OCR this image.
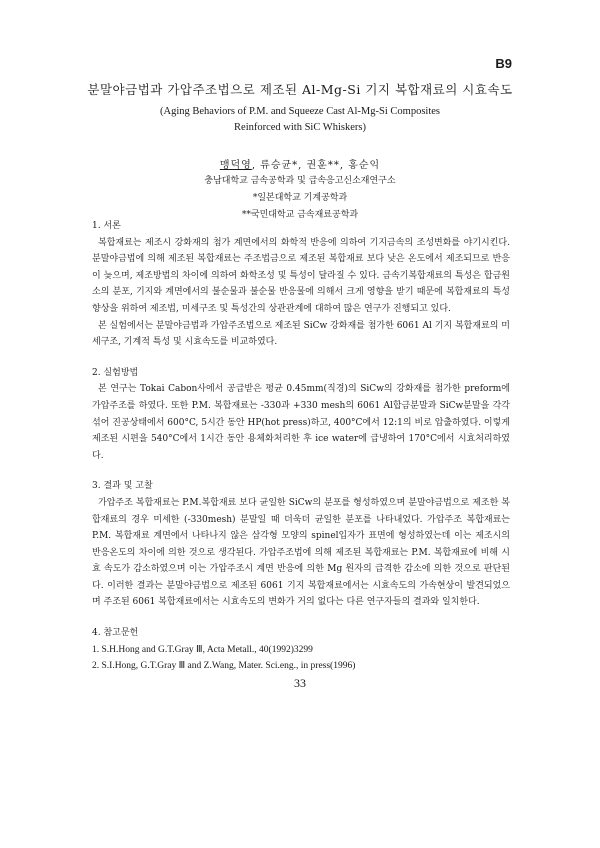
B9

분말야금법과 가압주조법으로 제조된 Al-Mg-Si 기지 복합재료의 시효속도

(Aging Behaviors of P.M. and Squeeze Cast Al-Mg-Si Composites
Reinforced with SiC Whiskers)

맹덕영, 류승균*, 권훈**, 홍순익
충남대학교 금속공학과 및 급속응고신소재연구소
*일본대학교 기계공학과
**국민대학교 금속재료공학과
1. 서론

복합재료는 제조시 강화재의 첨가 계면에서의 화학적 반응에 의하여 기지금속의 조성변화를 야기시킨다. 분말야금법에 의해 제조된 복합재료는 주조법금으로 제조된 복합재료 보다 낮은 온도에서 제조되므로 반응이 늦으며, 제조방법의 차이에 의하여 화학조성 및 특성이 달라질 수 있다. 금속기복합재료의 특성은 합금원소의 분포, 기지와 계면에서의 불순물과 불순물 반응물에 의해서 크게 영향을 받기 때문에 복합재료의 특성 향상을 위하여 제조법, 미세구조 및 특성간의 상관관계에 대하여 많은 연구가 진행되고 있다.

본 실험에서는 분말야금법과 가압주조법으로 제조된 SiCw 강화재를 첨가한 6061 Al 기지 복합재료의 미세구조, 기계적 특성 및 시효속도를 비교하였다.

2. 실험방법

본 연구는 Tokai Cabon사에서 공급받은 평균 0.45mm(직경)의 SiCw의 강화재를 첨가한 preform에 가압주조를 하였다. 또한 P.M. 복합재료는 -330과 +330 mesh의 6061 Al합금분말과 SiCw분말을 각각 섞어 진공상태에서 600°C, 5시간 동안 HP(hot press)하고, 400°C에서 12:1의 비로 압출하였다. 이렇게 제조된 시편을 540°C에서 1시간 동안 용체화처리한 후 ice water에 급냉하여 170°C에서 시효처리하였다.

3. 결과 및 고찰

가압주조 복합재료는 P.M.복합재료 보다 균일한 SiCw의 분포를 형성하였으며 분말야금법으로 제조한 복합재료의 경우 미세한 (-330mesh) 분말일 때 더욱더 균일한 분포를 나타내었다. 가압주조 복합재료는 P.M. 복합재료 계면에서 나타나지 않은 삼각형 모양의 spinel입자가 표면에 형성하였는데 이는 제조시의 반응온도의 차이에 의한 것으로 생각된다. 가압주조법에 의해 제조된 복합재료는 P.M. 복합재료에 비해 시효 속도가 감소하였으며 이는 가압주조시 계면 반응에 의한 Mg 원자의 급격한 감소에 의한 것으로 판단된다. 이러한 결과는 분말야금법으로 제조된 6061 기지 복합재료에서는 시효속도의 가속현상이 발견되었으며 주조된 6061 복합재료에서는 시효속도의 변화가 거의 없다는 다른 연구자들의 결과와 일치한다.

4. 참고문헌
1. S.H.Hong and G.T.Gray Ⅲ, Acta Metall., 40(1992)3299
2. S.I.Hong, G.T.Gray Ⅲ and Z.Wang, Mater. Sci.eng., in press(1996)
33
